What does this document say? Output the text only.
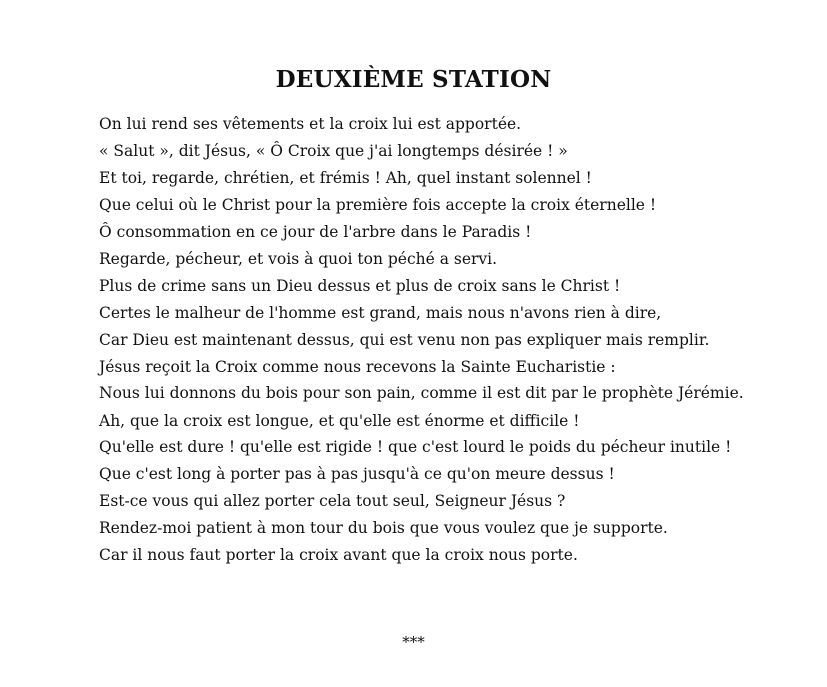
DEUXIÈME STATION

On lui rend ses vêtements et la croix lui est apportée.

« Salut », dit Jésus, « Ô Croix que j'ai longtemps désirée ! »

Et toi, regarde, chrétien, et frémis ! Ah, quel instant solennel !

Que celui où le Christ pour la première fois accepte la croix éternelle !

Ô consommation en ce jour de l'arbre dans le Paradis !

Regarde, pécheur, et vois à quoi ton péché a servi.

Plus de crime sans un Dieu dessus et plus de croix sans le Christ !

Certes le malheur de l'homme est grand, mais nous n'avons rien à dire,

Car Dieu est maintenant dessus, qui est venu non pas expliquer mais remplir.

Jésus reçoit la Croix comme nous recevons la Sainte Eucharistie :

Nous lui donnons du bois pour son pain, comme il est dit par le prophète Jérémie.

Ah, que la croix est longue, et qu'elle est énorme et difficile !

Qu'elle est dure ! qu'elle est rigide ! que c'est lourd le poids du pécheur inutile !

Que c'est long à porter pas à pas jusqu'à ce qu'on meure dessus !

Est-ce vous qui allez porter cela tout seul, Seigneur Jésus ?

Rendez-moi patient à mon tour du bois que vous voulez que je supporte.

Car il nous faut porter la croix avant que la croix nous porte.

***
